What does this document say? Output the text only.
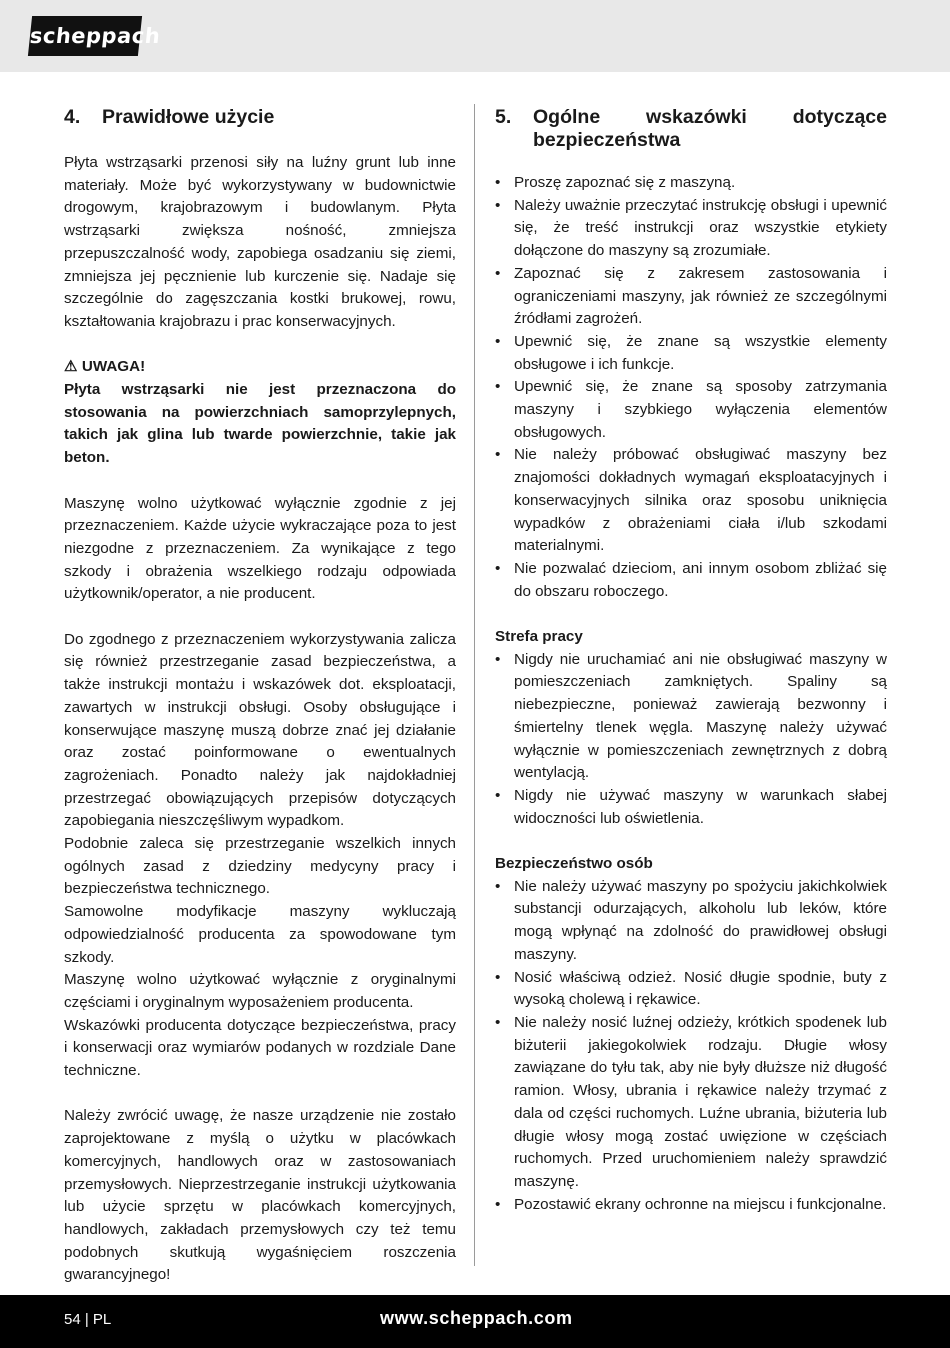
scheppach
4.	Prawidłowe użycie

Płyta wstrząsarki przenosi siły na luźny grunt lub inne materiały. Może być wykorzystywany w budownictwie drogowym, krajobrazowym i budowlanym. Płyta wstrząsarki zwiększa nośność, zmniejsza przepuszczalność wody, zapobiega osadzaniu się ziemi, zmniejsza jej pęcznienie lub kurczenie się. Nadaje się szczególnie do zagęszczania kostki brukowej, rowu, kształtowania krajobrazu i prac konserwacyjnych.

⚠ UWAGA!

Płyta wstrząsarki nie jest przeznaczona do stosowania na powierzchniach samoprzylepnych, takich jak glina lub twarde powierzchnie, takie jak beton.

Maszynę wolno użytkować wyłącznie zgodnie z jej przeznaczeniem. Każde użycie wykraczające poza to jest niezgodne z przeznaczeniem. Za wynikające z tego szkody i obrażenia wszelkiego rodzaju odpowiada użytkownik/operator, a nie producent.

Do zgodnego z przeznaczeniem wykorzystywania zalicza się również przestrzeganie zasad bezpieczeństwa, a także instrukcji montażu i wskazówek dot. eksploatacji, zawartych w instrukcji obsługi. Osoby obsługujące i konserwujące maszynę muszą dobrze znać jej działanie oraz zostać poinformowane o ewentualnych zagrożeniach. Ponadto należy jak najdokładniej przestrzegać obowiązujących przepisów dotyczących zapobiegania nieszczęśliwym wypadkom.

Podobnie zaleca się przestrzeganie wszelkich innych ogólnych zasad z dziedziny medycyny pracy i bezpieczeństwa technicznego.

Samowolne modyfikacje maszyny wykluczają odpowiedzialność producenta za spowodowane tym szkody.

Maszynę wolno użytkować wyłącznie z oryginalnymi częściami i oryginalnym wyposażeniem producenta.

Wskazówki producenta dotyczące bezpieczeństwa, pracy i konserwacji oraz wymiarów podanych w rozdziale Dane techniczne.

Należy zwrócić uwagę, że nasze urządzenie nie zostało zaprojektowane z myślą o użytku w placówkach komercyjnych, handlowych oraz w zastosowaniach przemysłowych. Nieprzestrzeganie instrukcji użytkowania lub użycie sprzętu w placówkach komercyjnych, handlowych, zakładach przemysłowych czy też temu podobnych skutkują wygaśnięciem roszczenia gwarancyjnego!

5.	Ogólne wskazówki dotyczące bezpieczeństwa
• Proszę zapoznać się z maszyną.
• Należy uważnie przeczytać instrukcję obsługi i upewnić się, że treść instrukcji oraz wszystkie etykiety dołączone do maszyny są zrozumiałe.
• Zapoznać się z zakresem zastosowania i ograniczeniami maszyny, jak również ze szczególnymi źródłami zagrożeń.
• Upewnić się, że znane są wszystkie elementy obsługowe i ich funkcje.
• Upewnić się, że znane są sposoby zatrzymania maszyny i szybkiego wyłączenia elementów obsługowych.
• Nie należy próbować obsługiwać maszyny bez znajomości dokładnych wymagań eksploatacyjnych i konserwacyjnych silnika oraz sposobu uniknięcia wypadków z obrażeniami ciała i/lub szkodami materialnymi.
• Nie pozwalać dzieciom, ani innym osobom zbliżać się do obszaru roboczego.
Strefa pracy
• Nigdy nie uruchamiać ani nie obsługiwać maszyny w pomieszczeniach zamkniętych. Spaliny są niebezpieczne, ponieważ zawierają bezwonny i śmiertelny tlenek węgla. Maszynę należy używać wyłącznie w pomieszczeniach zewnętrznych z dobrą wentylacją.
• Nigdy nie używać maszyny w warunkach słabej widoczności lub oświetlenia.
Bezpieczeństwo osób
• Nie należy używać maszyny po spożyciu jakichkolwiek substancji odurzających, alkoholu lub leków, które mogą wpłynąć na zdolność do prawidłowej obsługi maszyny.
• Nosić właściwą odzież. Nosić długie spodnie, buty z wysoką cholewą i rękawice.
• Nie należy nosić luźnej odzieży, krótkich spodenek lub biżuterii jakiegokolwiek rodzaju. Długie włosy zawiązane do tyłu tak, aby nie były dłuższe niż długość ramion. Włosy, ubrania i rękawice należy trzymać z dala od części ruchomych. Luźne ubrania, biżuteria lub długie włosy mogą zostać uwięzione w częściach ruchomych. Przed uruchomieniem należy sprawdzić maszynę.
• Pozostawić ekrany ochronne na miejscu i funkcjonalne.
54 | PL	www.scheppach.com
